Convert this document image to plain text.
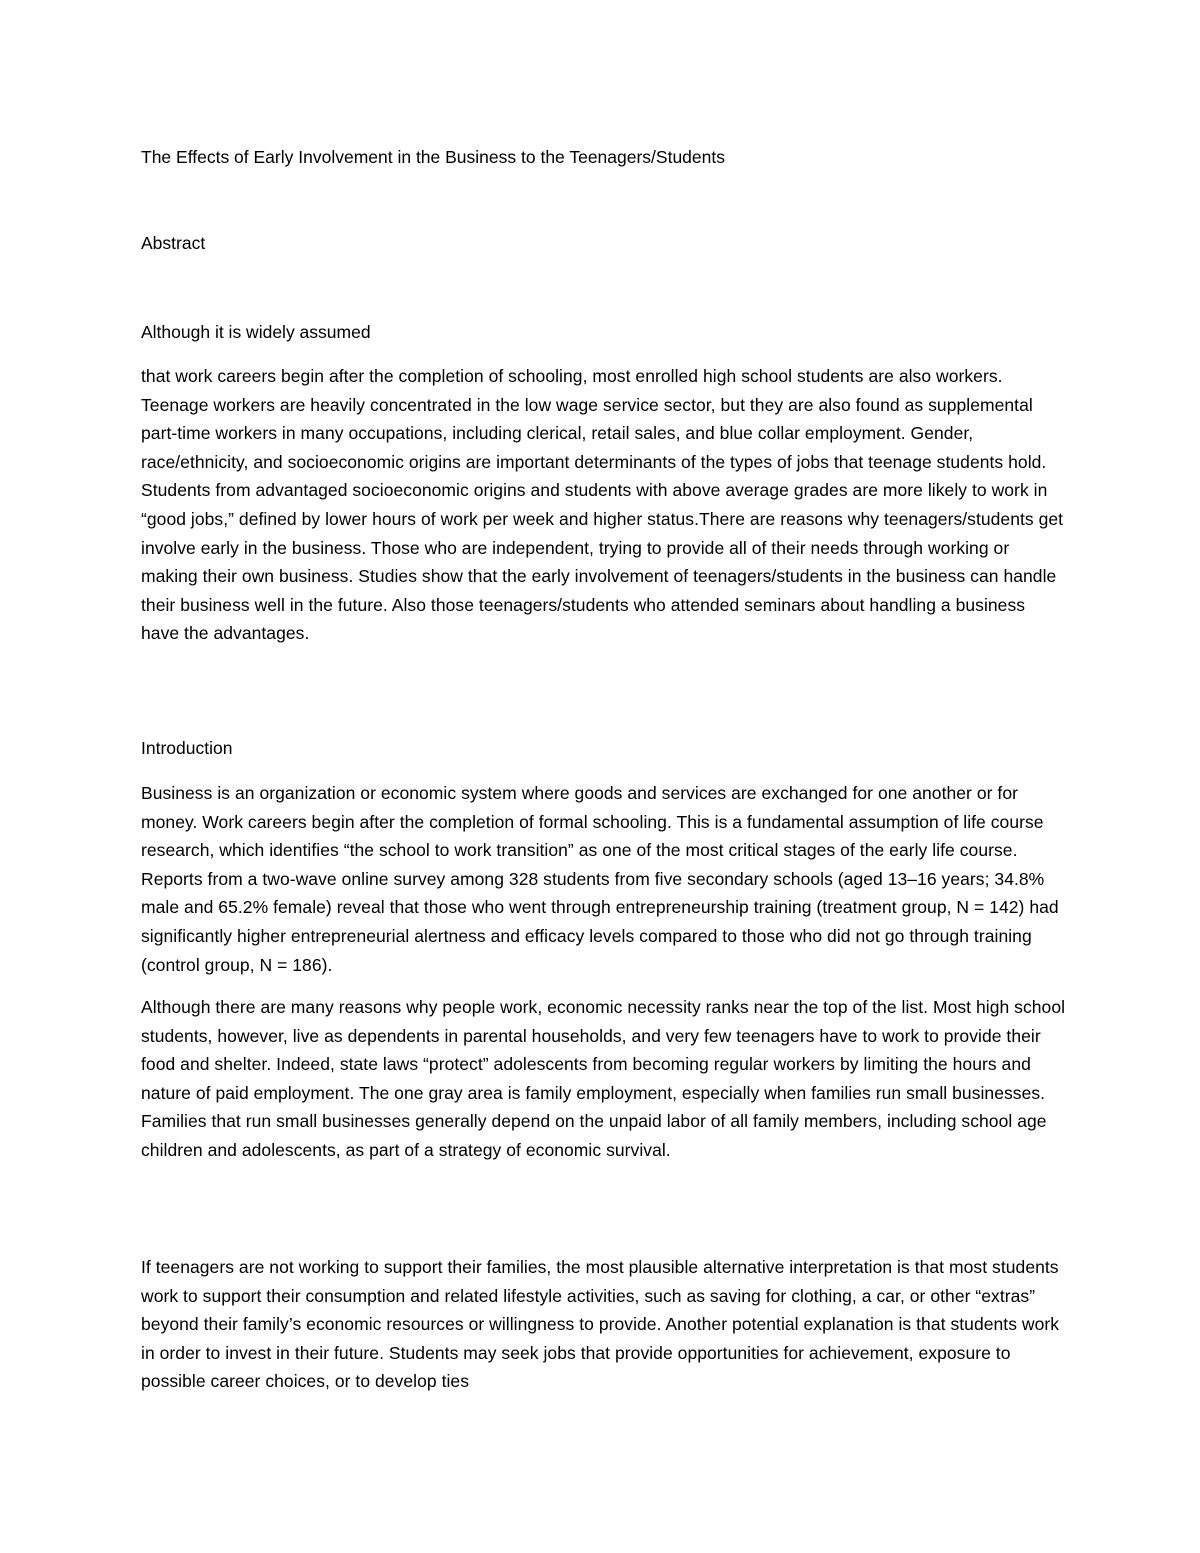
The Effects of Early Involvement in the Business to the Teenagers/Students

Abstract

Although it is widely assumed

that work careers begin after the completion of schooling, most enrolled high school students are also workers. Teenage workers are heavily concentrated in the low wage service sector, but they are also found as supplemental part-time workers in many occupations, including clerical, retail sales, and blue collar employment. Gender, race/ethnicity, and socioeconomic origins are important determinants of the types of jobs that teenage students hold. Students from advantaged socioeconomic origins and students with above average grades are more likely to work in “good jobs,” defined by lower hours of work per week and higher status.There are reasons why teenagers/students get involve early in the business. Those who are independent, trying to provide all of their needs through working or making their own business. Studies show that the early involvement of teenagers/students in the business can handle their business well in the future. Also those teenagers/students who attended seminars about handling a business have the advantages.

Introduction

Business is an organization or economic system where goods and services are exchanged for one another or for money. Work careers begin after the completion of formal schooling. This is a fundamental assumption of life course research, which identifies “the school to work transition” as one of the most critical stages of the early life course. Reports from a two-wave online survey among 328 students from five secondary schools (aged 13–16 years; 34.8% male and 65.2% female) reveal that those who went through entrepreneurship training (treatment group, N = 142) had significantly higher entrepreneurial alertness and efficacy levels compared to those who did not go through training (control group, N = 186).

Although there are many reasons why people work, economic necessity ranks near the top of the list. Most high school students, however, live as dependents in parental households, and very few teenagers have to work to provide their food and shelter. Indeed, state laws “protect” adolescents from becoming regular workers by limiting the hours and nature of paid employment. The one gray area is family employment, especially when families run small businesses. Families that run small businesses generally depend on the unpaid labor of all family members, including school age children and adolescents, as part of a strategy of economic survival.

If teenagers are not working to support their families, the most plausible alternative interpretation is that most students work to support their consumption and related lifestyle activities, such as saving for clothing, a car, or other “extras” beyond their family’s economic resources or willingness to provide. Another potential explanation is that students work in order to invest in their future. Students may seek jobs that provide opportunities for achievement, exposure to possible career choices, or to develop ties
